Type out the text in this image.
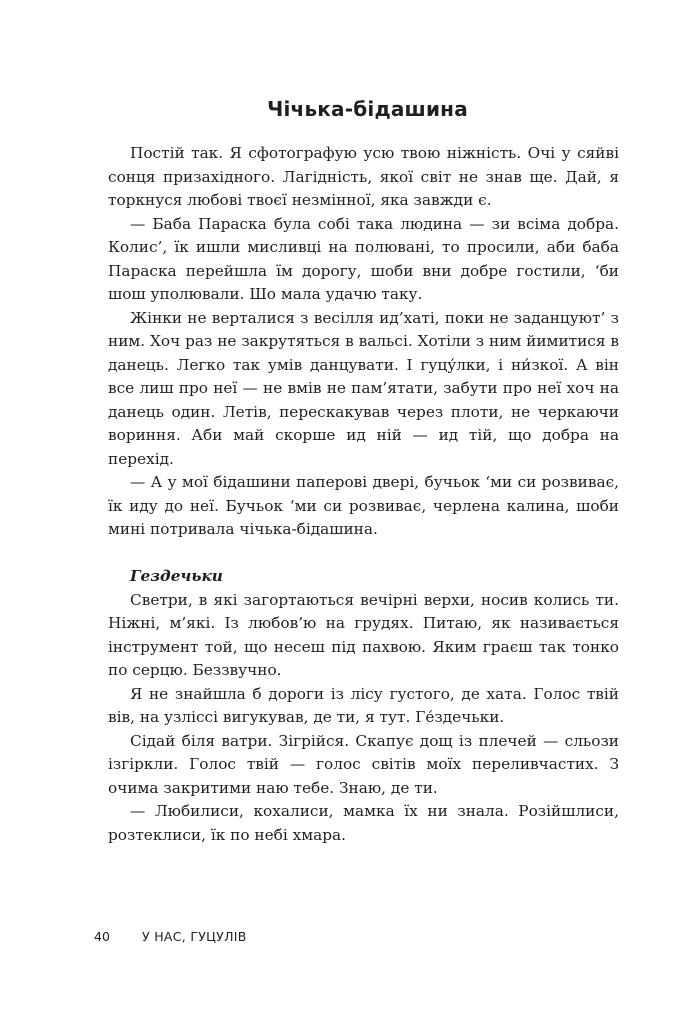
Чічька-бідашина

Постій так. Я сфотографую усю твою ніжність. Очі у сяйві сонця призахідного. Лагідність, якої світ не знав ще. Дай, я торкнуся любові твоєї незмінної, яка завжди є.

— Баба Параска була собі така людина — зи всіма добра. Колис’, їк ишли мисливці на полювані, то просили, аби баба Параска перейшла їм дорогу, шоби вни добре гостили, ‘би шош уполювали. Шо мала удачю таку.

Жінки не верталися з весілля ид’хаті, поки не заданцуют’ з ним. Хоч раз не закрутяться в вальсі. Хотіли з ним йимитися в данець. Легко так умів данцувати. І гуцу́лки, і ни́зкої. А він все лиш про неї — не вмів не пам’ятати, забути про неї хоч на данець один. Летів, перескакував через плоти, не черкаючи вориння. Аби май скорше ид ній — ид тій, що добра на перехід.

— А у мої бідашини паперові двері, бучьок ‘ми си розвиває, їк иду до неї. Бучьок ‘ми си розвиває, черлена калина, шоби мині потривала чічька-бідашина.

Гездечьки

Светри, в які загортаються вечірні верхи, носив колись ти. Ніжні, м’які. Із любов’ю на грудях. Питаю, як називається інструмент той, що несеш під пахвою. Яким граєш так тонко по серцю. Беззвучно.

Я не знайшла б дороги із лісу густого, де хата. Голос твій вів, на узліссі вигукував, де ти, я тут. Ге́здечьки.

Сідай біля ватри. Зігрійся. Скапує дощ із плечей — сльози ізгіркли. Голос твій — голос світів моїх переливчастих. З очима закритими наю тебе. Знаю, де ти.

— Любилиси, кохалиси, мамка їх ни знала. Розійшлиси, розтеклиси, їк по небі хмара.

40	У НАС, ГУЦУЛІВ
